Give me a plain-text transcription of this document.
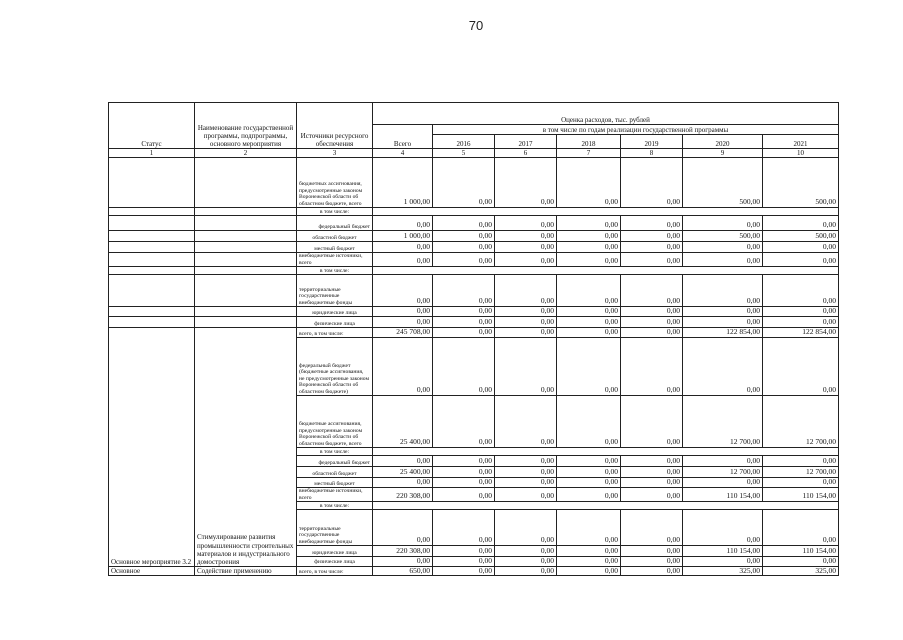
70
Статус	Наименование государственной программы, подпрограммы, основного мероприятия	Источники ресурсного обеспечения	Оценка расходов, тыс. рублей						
			Всего	в том числе по годам реализации государственной программы					
				2016	2017	2018	2019	2020	2021
1	2	3	4	5	6	7	8	9	10
		бюджетных ассигнования, предусмотренные законом Воронежской области об областном бюджете, всего	1 000,00	0,00	0,00	0,00	0,00	500,00	500,00
		в том числе:							
		федеральный бюджет	0,00	0,00	0,00	0,00	0,00	0,00	0,00
		областной бюджет	1 000,00	0,00	0,00	0,00	0,00	500,00	500,00
		местный бюджет	0,00	0,00	0,00	0,00	0,00	0,00	0,00
		внебюджетные источники, всего	0,00	0,00	0,00	0,00	0,00	0,00	0,00
		в том числе:							
		территориальные государственные внебюджетные фонды	0,00	0,00	0,00	0,00	0,00	0,00	0,00
		юридические лица	0,00	0,00	0,00	0,00	0,00	0,00	0,00
		физические лица	0,00	0,00	0,00	0,00	0,00	0,00	0,00
Основное мероприятие 3.2	Стимулирование развития промышленности строительных материалов и индустриального домостроения	всего, в том числе:	245 708,00	0,00	0,00	0,00	0,00	122 854,00	122 854,00
		федеральный бюджет (бюджетные ассигнования, не предусмотренные законом Воронежской области об областном бюджете)	0,00	0,00	0,00	0,00	0,00	0,00	0,00
		бюджетные ассигнования, предусмотренные законом Воронежской области об областном бюджете, всего	25 400,00	0,00	0,00	0,00	0,00	12 700,00	12 700,00
		в том числе:							
		федеральный бюджет	0,00	0,00	0,00	0,00	0,00	0,00	0,00
		областной бюджет	25 400,00	0,00	0,00	0,00	0,00	12 700,00	12 700,00
		местный бюджет	0,00	0,00	0,00	0,00	0,00	0,00	0,00
		внебюджетные источники, всего	220 308,00	0,00	0,00	0,00	0,00	110 154,00	110 154,00
		в том числе:							
		территориальные государственные внебюджетные фонды	0,00	0,00	0,00	0,00	0,00	0,00	0,00
		юридические лица	220 308,00	0,00	0,00	0,00	0,00	110 154,00	110 154,00
		физические лица	0,00	0,00	0,00	0,00	0,00	0,00	0,00
Основное	Содействие применению	всего, в том числе:	650,00	0,00	0,00	0,00	0,00	325,00	325,00
